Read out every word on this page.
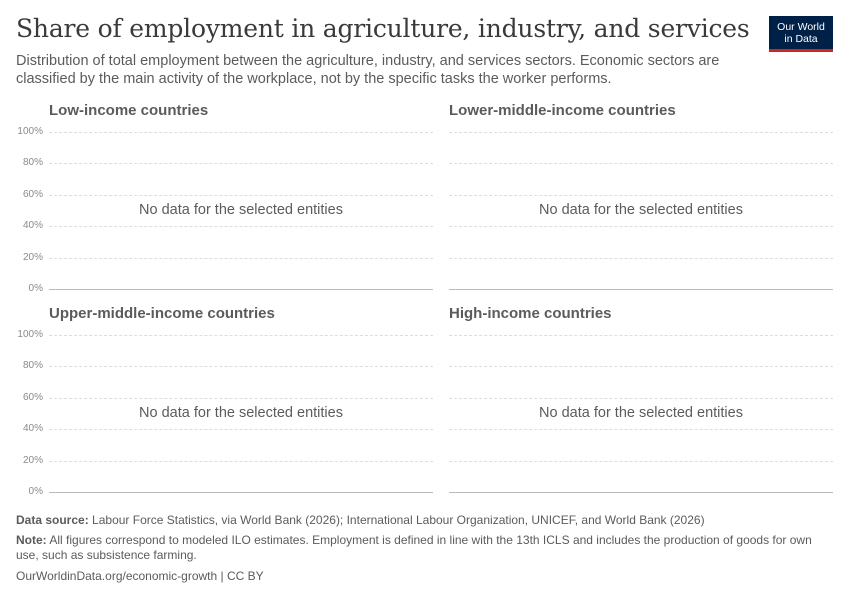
Share of employment in agriculture, industry, and services

Distribution of total employment between the agriculture, industry, and services sectors. Economic sectors are classified by the main activity of the workplace, not by the specific tasks the worker performs.

Our World
in Data
Low-income countries
100%
80%
60%
40%
20%
0%
No data for the selected entities
Lower-middle-income countries
No data for the selected entities
Upper-middle-income countries
100%
80%
60%
40%
20%
0%
No data for the selected entities
High-income countries
No data for the selected entities

Data source: Labour Force Statistics, via World Bank (2026); International Labour Organization, UNICEF, and World Bank (2026)

Note: All figures correspond to modeled ILO estimates. Employment is defined in line with the 13th ICLS and includes the production of goods for own use, such as subsistence farming.

OurWorldinData.org/economic-growth | CC BY
